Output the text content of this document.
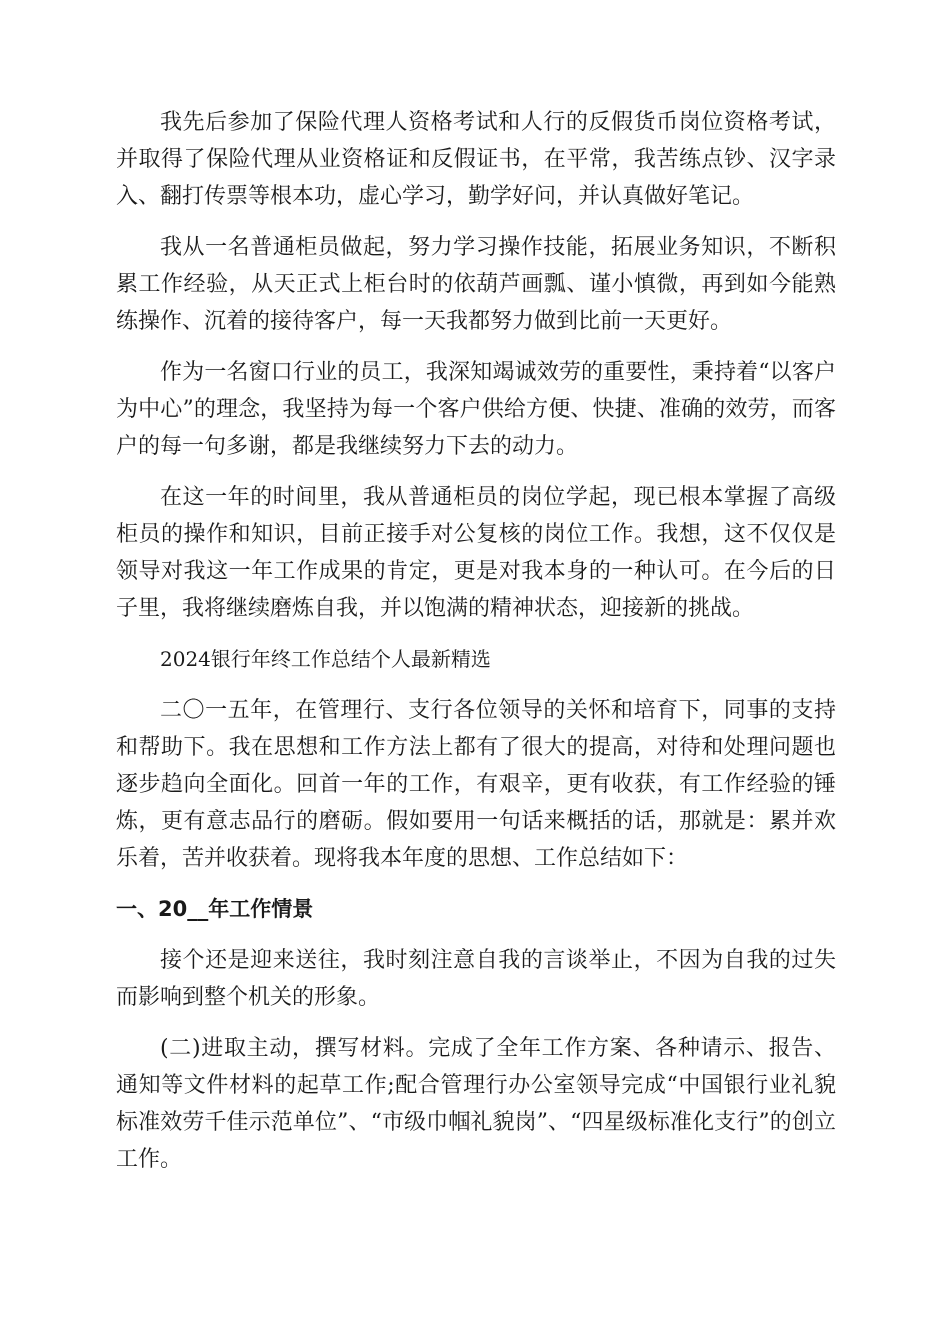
我先后参加了保险代理人资格考试和人行的反假货币岗位资格考试，并取得了保险代理从业资格证和反假证书，在平常，我苦练点钞、汉字录入、翻打传票等根本功，虚心学习，勤学好问，并认真做好笔记。

我从一名普通柜员做起，努力学习操作技能，拓展业务知识，不断积累工作经验，从天正式上柜台时的依葫芦画瓢、谨小慎微，再到如今能熟练操作、沉着的接待客户，每一天我都努力做到比前一天更好。

作为一名窗口行业的员工，我深知竭诚效劳的重要性，秉持着“以客户为中心”的理念，我坚持为每一个客户供给方便、快捷、准确的效劳，而客户的每一句多谢，都是我继续努力下去的动力。

在这一年的时间里，我从普通柜员的岗位学起，现已根本掌握了高级柜员的操作和知识，目前正接手对公复核的岗位工作。我想，这不仅仅是领导对我这一年工作成果的肯定，更是对我本身的一种认可。在今后的日子里，我将继续磨炼自我，并以饱满的精神状态，迎接新的挑战。

2024银行年终工作总结个人最新精选

二〇一五年，在管理行、支行各位领导的关怀和培育下，同事的支持和帮助下。我在思想和工作方法上都有了很大的提高，对待和处理问题也逐步趋向全面化。回首一年的工作，有艰辛，更有收获，有工作经验的锤炼，更有意志品行的磨砺。假如要用一句话来概括的话，那就是：累并欢乐着，苦并收获着。现将我本年度的思想、工作总结如下：

一、20__年工作情景

接个还是迎来送往，我时刻注意自我的言谈举止，不因为自我的过失而影响到整个机关的形象。

(二)进取主动，撰写材料。完成了全年工作方案、各种请示、报告、通知等文件材料的起草工作;配合管理行办公室领导完成“中国银行业礼貌标准效劳千佳示范单位”、“市级巾帼礼貌岗”、“四星级标准化支行”的创立工作。
